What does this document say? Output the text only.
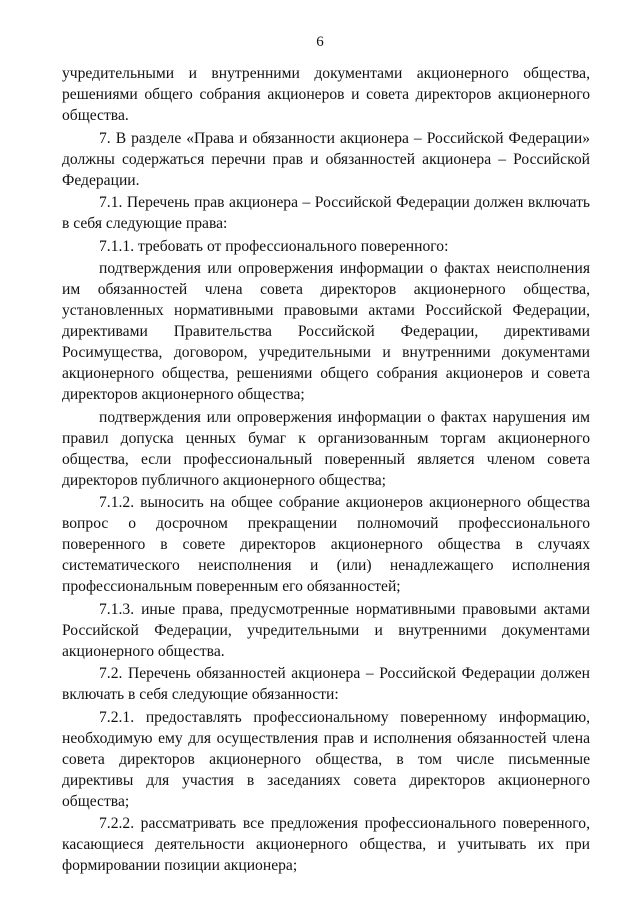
6

учредительными и внутренними документами акционерного общества, решениями общего собрания акционеров и совета директоров акционерного общества.

7. В разделе «Права и обязанности акционера – Российской Федерации» должны содержаться перечни прав и обязанностей акционера – Российской Федерации.

7.1. Перечень прав акционера – Российской Федерации должен включать в себя следующие права:

7.1.1. требовать от профессионального поверенного:

подтверждения или опровержения информации о фактах неисполнения им обязанностей члена совета директоров акционерного общества, установленных нормативными правовыми актами Российской Федерации, директивами Правительства Российской Федерации, директивами Росимущества, договором, учредительными и внутренними документами акционерного общества, решениями общего собрания акционеров и совета директоров акционерного общества;

подтверждения или опровержения информации о фактах нарушения им правил допуска ценных бумаг к организованным торгам акционерного общества, если профессиональный поверенный является членом совета директоров публичного акционерного общества;

7.1.2. выносить на общее собрание акционеров акционерного общества вопрос о досрочном прекращении полномочий профессионального поверенного в совете директоров акционерного общества в случаях систематического неисполнения и (или) ненадлежащего исполнения профессиональным поверенным его обязанностей;

7.1.3. иные права, предусмотренные нормативными правовыми актами Российской Федерации, учредительными и внутренними документами акционерного общества.

7.2. Перечень обязанностей акционера – Российской Федерации должен включать в себя следующие обязанности:

7.2.1. предоставлять профессиональному поверенному информацию, необходимую ему для осуществления прав и исполнения обязанностей члена совета директоров акционерного общества, в том числе письменные директивы для участия в заседаниях совета директоров акционерного общества;

7.2.2. рассматривать все предложения профессионального поверенного, касающиеся деятельности акционерного общества, и учитывать их при формировании позиции акционера;
